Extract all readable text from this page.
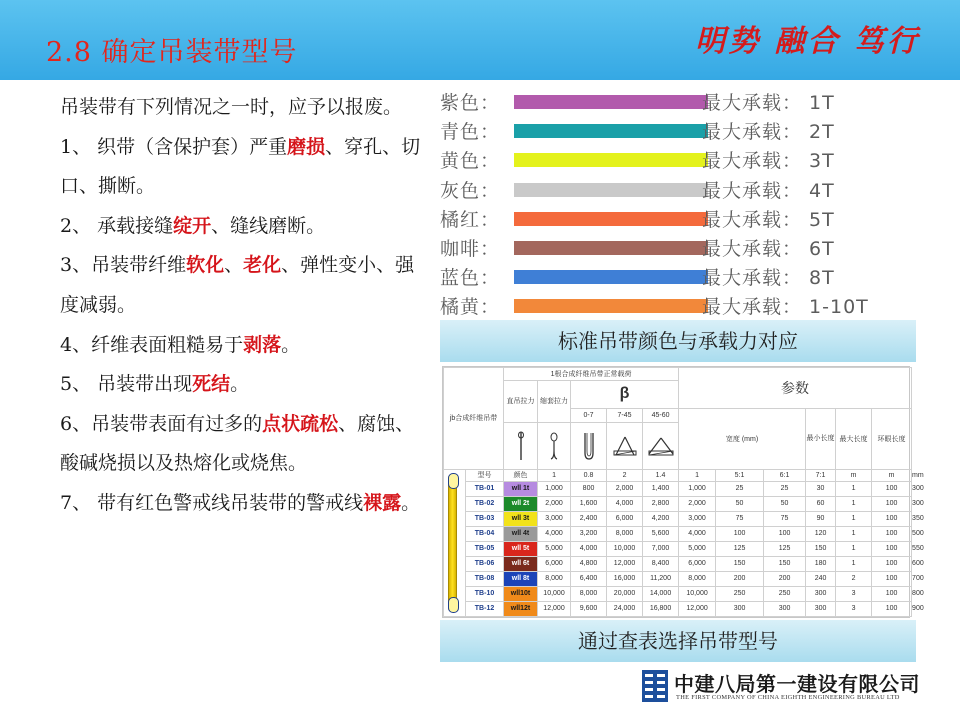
2.8 确定吊装带型号	明势 融合 笃行

吊装带有下列情况之一时，应予以报废。

1、 织带（含保护套）严重磨损、穿孔、切口、撕断。

2、 承载接缝绽开、缝线磨断。

3、吊装带纤维软化、老化、弹性变小、强度减弱。

4、纤维表面粗糙易于剥落。

5、 吊装带出现死结。

6、吊装带表面有过多的点状疏松、腐蚀、酸碱烧损以及热熔化或烧焦。

7、 带有红色警戒线吊装带的警戒线裸露。

紫色：	最大承载： 1T
青色：	最大承载： 2T
黄色：	最大承载： 3T
灰色：	最大承载： 4T
橘红：	最大承载： 5T
咖啡：	最大承载： 6T
蓝色：	最大承载： 8T
橘黄：	最大承载： 1-10T
标准吊带颜色与承载力对应
jb合成纤维吊带		1根合成纤维吊带正常载荷					参数						
		直吊拉力	缩套拉力	β									
				0-7	7-45	45-60	宽度 (mm)			最小长度	最大长度	环眼长度	

	型号	颜色	1	0.8	2	1.4	1	5:1	6:1	7:1	m	m	mm
	TB-01	wll 1t	1,000	800	2,000	1,400	1,000	25	25	30	1	100	300
	TB-02	wll 2t	2,000	1,600	4,000	2,800	2,000	50	50	60	1	100	300
	TB-03	wll 3t	3,000	2,400	6,000	4,200	3,000	75	75	90	1	100	350
	TB-04	wll 4t	4,000	3,200	8,000	5,600	4,000	100	100	120	1	100	500
	TB-05	wll 5t	5,000	4,000	10,000	7,000	5,000	125	125	150	1	100	550
	TB-06	wll 6t	6,000	4,800	12,000	8,400	6,000	150	150	180	1	100	600
	TB-08	wll 8t	8,000	6,400	16,000	11,200	8,000	200	200	240	2	100	700
	TB-10	wll10t	10,000	8,000	20,000	14,000	10,000	250	250	300	3	100	800
	TB-12	wll12t	12,000	9,600	24,000	16,800	12,000	300	300	300	3	100	900
通过查表选择吊带型号
中建八局第一建设有限公司
THE FIRST COMPANY OF CHINA EIGHTH ENGINEERING BUREAU LTD
